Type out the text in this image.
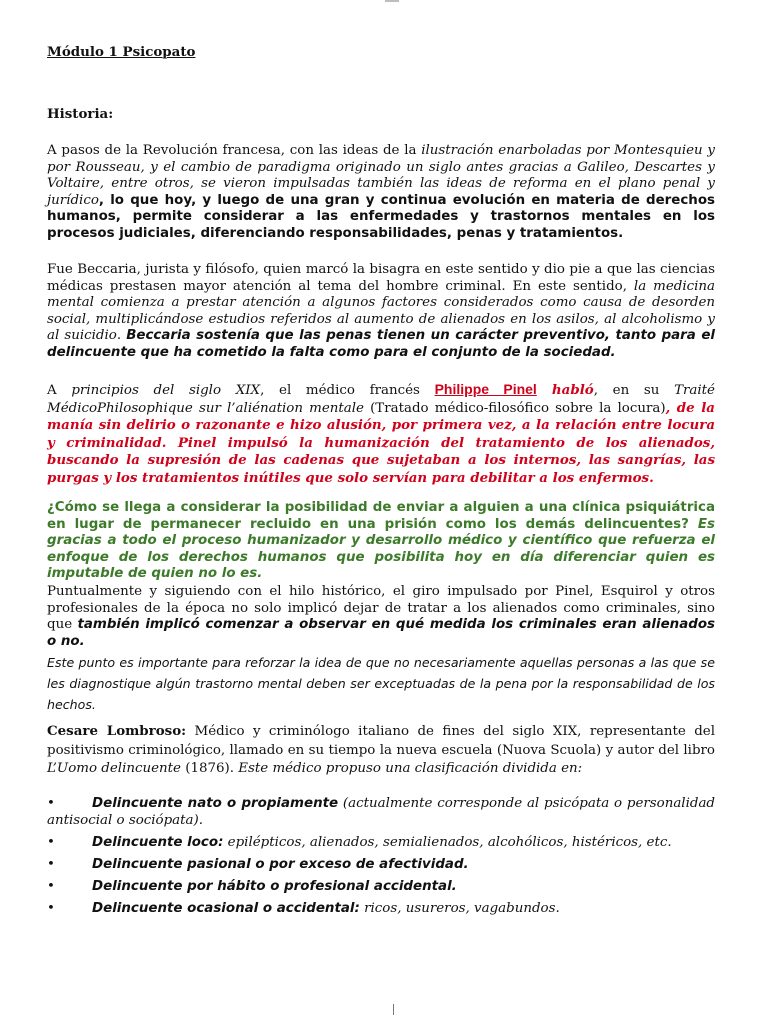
Módulo 1 Psicopato
Historia:

A pasos de la Revolución francesa, con las ideas de la ilustración enarboladas por Montesquieu y por Rousseau, y el cambio de paradigma originado un siglo antes gracias a Galileo, Descartes y Voltaire, entre otros, se vieron impulsadas también las ideas de reforma en el plano penal y jurídico, lo que hoy, y luego de una gran y continua evolución en materia de derechos humanos, permite considerar a las enfermedades y trastornos mentales en los procesos judiciales, diferenciando responsabilidades, penas y tratamientos.

Fue Beccaria, jurista y filósofo, quien marcó la bisagra en este sentido y dio pie a que las ciencias médicas prestasen mayor atención al tema del hombre criminal. En este sentido, la medicina mental comienza a prestar atención a algunos factores considerados como causa de desorden social, multiplicándose estudios referidos al aumento de alienados en los asilos, al alcoholismo y al suicidio. Beccaria sostenía que las penas tienen un carácter preventivo, tanto para el delincuente que ha cometido la falta como para el conjunto de la sociedad.

A principios del siglo XIX, el médico francés Philippe Pinel habló, en su Traité MédicoPhilosophique sur l’aliénation mentale (Tratado médico-filosófico sobre la locura), de la manía sin delirio o razonante e hizo alusión, por primera vez, a la relación entre locura y criminalidad. Pinel impulsó la humanización del tratamiento de los alienados, buscando la supresión de las cadenas que sujetaban a los internos, las sangrías, las purgas y los tratamientos inútiles que solo servían para debilitar a los enfermos.

¿Cómo se llega a considerar la posibilidad de enviar a alguien a una clínica psiquiátrica en lugar de permanecer recluido en una prisión como los demás delincuentes? Es gracias a todo el proceso humanizador y desarrollo médico y científico que refuerza el enfoque de los derechos humanos que posibilita hoy en día diferenciar quien es imputable de quien no lo es.

Puntualmente y siguiendo con el hilo histórico, el giro impulsado por Pinel, Esquirol y otros profesionales de la época no solo implicó dejar de tratar a los alienados como criminales, sino que también implicó comenzar a observar en qué medida los criminales eran alienados o no.

Este punto es importante para reforzar la idea de que no necesariamente aquellas personas a las que se les diagnostique algún trastorno mental deben ser exceptuadas de la pena por la responsabilidad de los hechos.

Cesare Lombroso: Médico y criminólogo italiano de fines del siglo XIX, representante del positivismo criminológico, llamado en su tiempo la nueva escuela (Nuova Scuola) y autor del libro L’Uomo delincuente (1876). Este médico propuso una clasificación dividida en:

•	Delincuente nato o propiamente (actualmente corresponde al psicópata o personalidad antisocial o sociópata).
•	Delincuente loco: epilépticos, alienados, semialienados, alcohólicos, histéricos, etc.
•	Delincuente pasional o por exceso de afectividad.
•	Delincuente por hábito o profesional accidental.
•	Delincuente ocasional o accidental: ricos, usureros, vagabundos.
